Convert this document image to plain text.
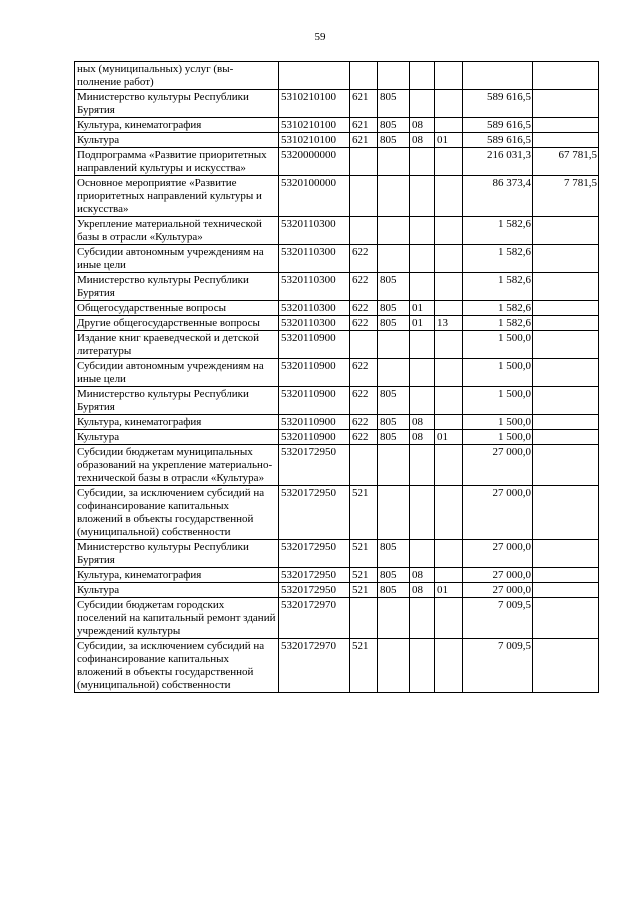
59
ных (муниципальных) услуг (вы-полнение работ)							
Министерство культуры Республики Бурятия	5310210100	621	805			589 616,5	
Культура, кинематография	5310210100	621	805	08		589 616,5	
Культура	5310210100	621	805	08	01	589 616,5	
Подпрограмма «Развитие приоритетных направлений культуры и искусства»	5320000000					216 031,3	67 781,5
Основное мероприятие «Развитие приоритетных направлений культуры и искусства»	5320100000					86 373,4	7 781,5
Укрепление материальной технической базы в отрасли «Культура»	5320110300					1 582,6	
Субсидии автономным учреждениям на иные цели	5320110300	622				1 582,6	
Министерство культуры Республики Бурятия	5320110300	622	805			1 582,6	
Общегосударственные вопросы	5320110300	622	805	01		1 582,6	
Другие общегосударственные вопросы	5320110300	622	805	01	13	1 582,6	
Издание книг краеведческой и детской литературы	5320110900					1 500,0	
Субсидии автономным учреждениям на иные цели	5320110900	622				1 500,0	
Министерство культуры Республики Бурятия	5320110900	622	805			1 500,0	
Культура, кинематография	5320110900	622	805	08		1 500,0	
Культура	5320110900	622	805	08	01	1 500,0	
Субсидии бюджетам муниципальных образований на укрепление материально-технической базы в отрасли «Культура»	5320172950					27 000,0	
Субсидии, за исключением субсидий на софинансирование капитальных вложений в объекты государственной (муниципальной) собственности	5320172950	521				27 000,0	
Министерство культуры Республики Бурятия	5320172950	521	805			27 000,0	
Культура, кинематография	5320172950	521	805	08		27 000,0	
Культура	5320172950	521	805	08	01	27 000,0	
Субсидии бюджетам городских поселений на капитальный ремонт зданий учреждений культуры	5320172970					7 009,5	
Субсидии, за исключением субсидий на софинансирование капитальных вложений в объекты государственной (муниципальной) собственности	5320172970	521				7 009,5	
